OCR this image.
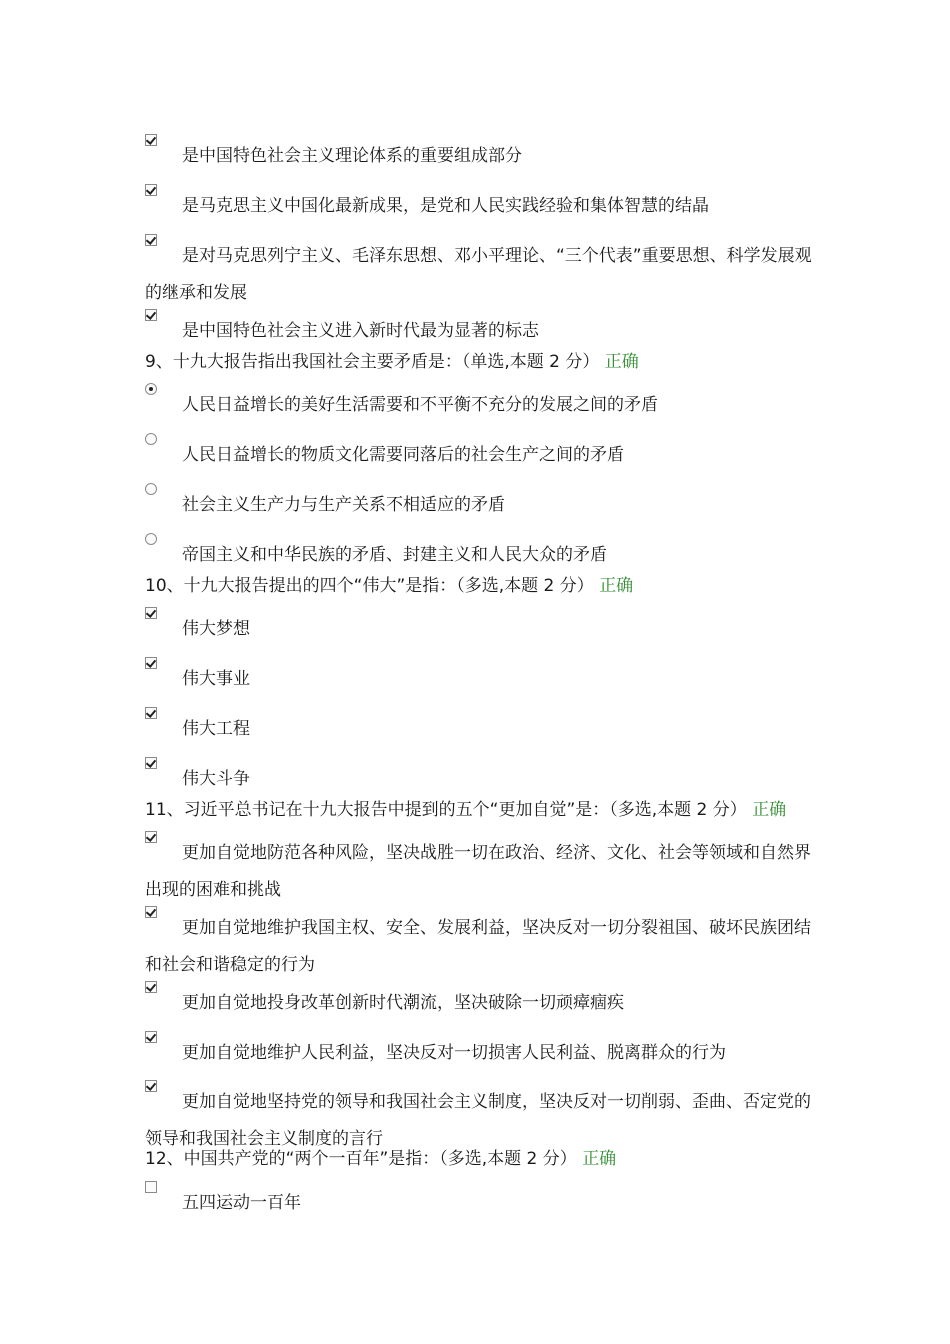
是中国特色社会主义理论体系的重要组成部分
是马克思主义中国化最新成果，是党和人民实践经验和集体智慧的结晶
是对马克思列宁主义、毛泽东思想、邓小平理论、“三个代表”重要思想、科学发展观的继承和发展
是中国特色社会主义进入新时代最为显著的标志
9、十九大报告指出我国社会主要矛盾是：（单选,本题 2 分） 正确
人民日益增长的美好生活需要和不平衡不充分的发展之间的矛盾
人民日益增长的物质文化需要同落后的社会生产之间的矛盾
社会主义生产力与生产关系不相适应的矛盾
帝国主义和中华民族的矛盾、封建主义和人民大众的矛盾
10、十九大报告提出的四个“伟大”是指：（多选,本题 2 分） 正确
伟大梦想
伟大事业
伟大工程
伟大斗争
11、习近平总书记在十九大报告中提到的五个“更加自觉”是：（多选,本题 2 分） 正确
更加自觉地防范各种风险，坚决战胜一切在政治、经济、文化、社会等领域和自然界出现的困难和挑战
更加自觉地维护我国主权、安全、发展利益，坚决反对一切分裂祖国、破坏民族团结和社会和谐稳定的行为
更加自觉地投身改革创新时代潮流，坚决破除一切顽瘴痼疾
更加自觉地维护人民利益，坚决反对一切损害人民利益、脱离群众的行为
更加自觉地坚持党的领导和我国社会主义制度，坚决反对一切削弱、歪曲、否定党的领导和我国社会主义制度的言行
12、中国共产党的“两个一百年”是指：（多选,本题 2 分） 正确
五四运动一百年
